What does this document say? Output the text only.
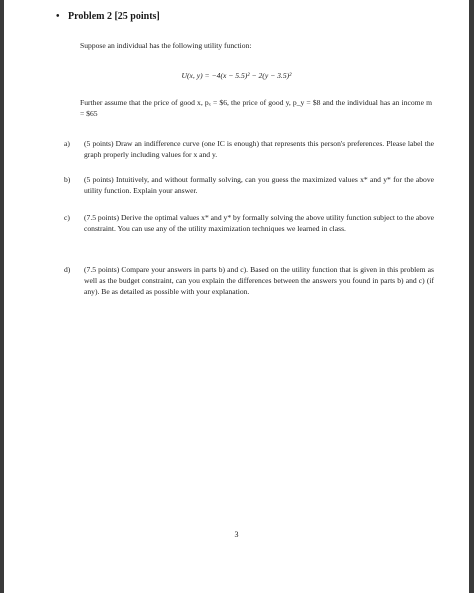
• Problem 2 [25 points]
Suppose an individual has the following utility function:
U(x, y) = −4(x − 5.5)² − 2(y − 3.5)²
Further assume that the price of good x, pₓ = $6, the price of good y, p_y = $8 and the individual has an income m = $65
a) (5 points) Draw an indifference curve (one IC is enough) that represents this person's preferences. Please label the graph properly including values for x and y.
b) (5 points) Intuitively, and without formally solving, can you guess the maximized values x* and y* for the above utility function. Explain your answer.
c) (7.5 points) Derive the optimal values x* and y* by formally solving the above utility function subject to the above constraint. You can use any of the utility maximization techniques we learned in class.
d) (7.5 points) Compare your answers in parts b) and c). Based on the utility function that is given in this problem as well as the budget constraint, can you explain the differences between the answers you found in parts b) and c) (if any). Be as detailed as possible with your explanation.
3
